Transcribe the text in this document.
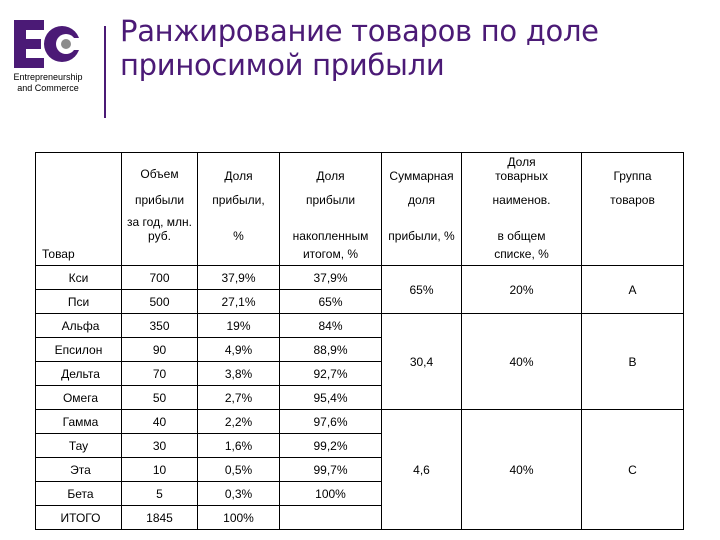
Entrepreneurship
and Commerce
Ранжирование товаров по доле
приносимой прибыли
Товар	Объем
прибыли
за год, млн.
руб.	Доля
прибыли,
%	Доля
прибыли
накопленным
итогом, %	Суммарная
доля
прибыли, %	Доля
товарных
наименов.
в общем
списке, %	Группа
товаров

Кси	700	37,9%	37,9%	65%	20%	А
Пси	500	27,1%	65%			
Альфа	350	19%	84%	30,4	40%	В
Епсилон	90	4,9%	88,9%			
Дельта	70	3,8%	92,7%			
Омега	50	2,7%	95,4%			
Гамма	40	2,2%	97,6%	4,6	40%	С
Тау	30	1,6%	99,2%			
Эта	10	0,5%	99,7%			
Бета	5	0,3%	100%			
ИТОГО	1845	100%				
